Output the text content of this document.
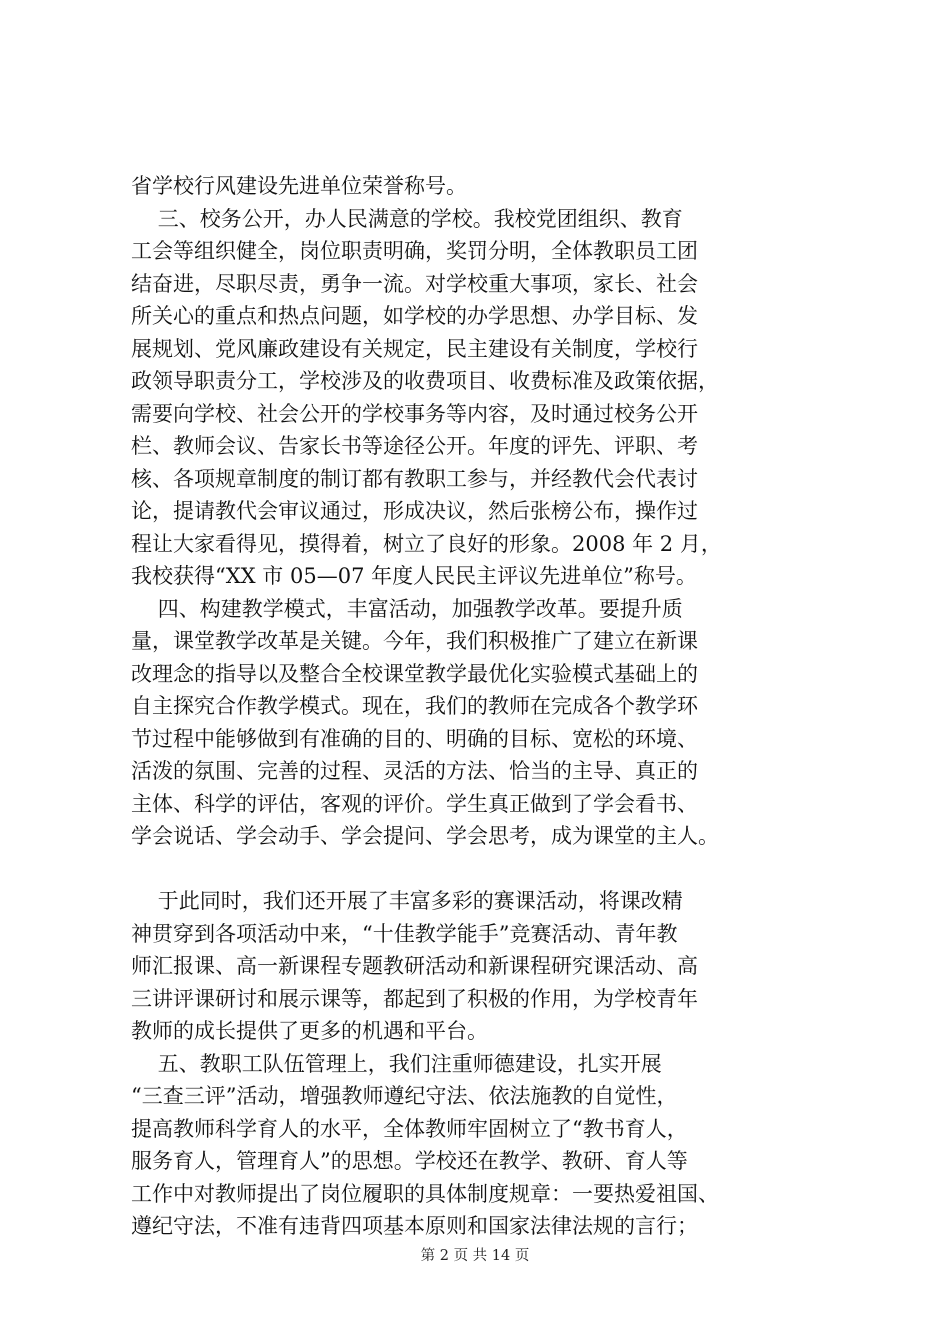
省学校行风建设先进单位荣誉称号。
三、校务公开，办人民满意的学校。我校党团组织、教育
工会等组织健全，岗位职责明确，奖罚分明，全体教职员工团
结奋进，尽职尽责，勇争一流。对学校重大事项，家长、社会
所关心的重点和热点问题，如学校的办学思想、办学目标、发
展规划、党风廉政建设有关规定，民主建设有关制度，学校行
政领导职责分工，学校涉及的收费项目、收费标准及政策依据，
需要向学校、社会公开的学校事务等内容，及时通过校务公开
栏、教师会议、告家长书等途径公开。年度的评先、评职、考
核、各项规章制度的制订都有教职工参与，并经教代会代表讨
论，提请教代会审议通过，形成决议，然后张榜公布，操作过
程让大家看得见，摸得着，树立了良好的形象。2008 年 2 月，
我校获得“XX 市 05—07 年度人民民主评议先进单位”称号。
四、构建教学模式，丰富活动，加强教学改革。要提升质
量，课堂教学改革是关键。今年，我们积极推广了建立在新课
改理念的指导以及整合全校课堂教学最优化实验模式基础上的
自主探究合作教学模式。现在，我们的教师在完成各个教学环
节过程中能够做到有准确的目的、明确的目标、宽松的环境、
活泼的氛围、完善的过程、灵活的方法、恰当的主导、真正的
主体、科学的评估，客观的评价。学生真正做到了学会看书、
学会说话、学会动手、学会提问、学会思考，成为课堂的主人。
于此同时，我们还开展了丰富多彩的赛课活动，将课改精
神贯穿到各项活动中来，“十佳教学能手”竞赛活动、青年教
师汇报课、高一新课程专题教研活动和新课程研究课活动、高
三讲评课研讨和展示课等，都起到了积极的作用，为学校青年
教师的成长提供了更多的机遇和平台。
五、教职工队伍管理上，我们注重师德建设，扎实开展
“三查三评”活动，增强教师遵纪守法、依法施教的自觉性，
提高教师科学育人的水平，全体教师牢固树立了“教书育人，
服务育人，管理育人”的思想。学校还在教学、教研、育人等
工作中对教师提出了岗位履职的具体制度规章：一要热爱祖国、
遵纪守法，不准有违背四项基本原则和国家法律法规的言行；
第 2 页 共 14 页
